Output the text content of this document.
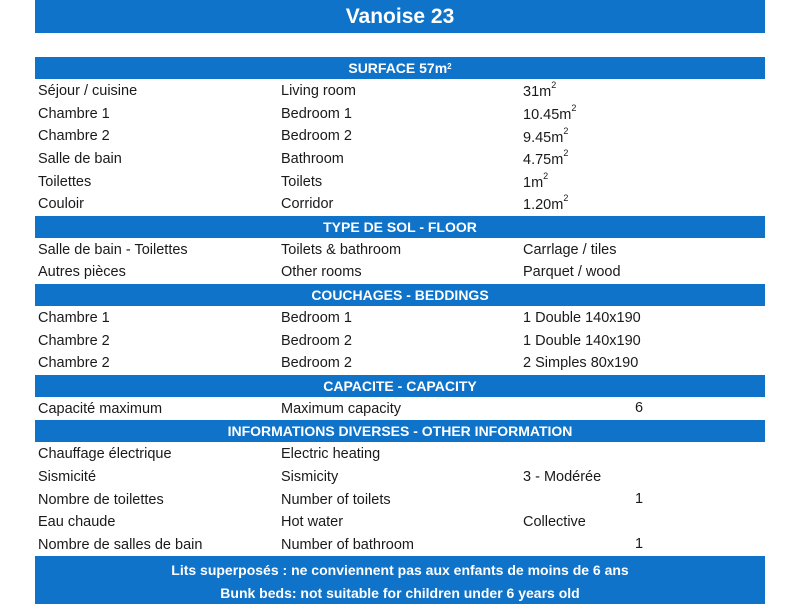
Vanoise 23
SURFACE $57m^2$
Séjour / cuisine	Living room	$31m^2$
Chambre 1	Bedroom 1	$10.45m^2$
Chambre 2	Bedroom 2	$9.45m^2$
Salle de bain	Bathroom	$4.75m^2$
Toilettes	Toilets	$1m^2$
Couloir	Corridor	$1.20m^2$
TYPE DE SOL - FLOOR
Salle de bain - Toilettes	Toilets & bathroom	Carrlage / tiles
Autres pièces	Other rooms	Parquet / wood
COUCHAGES - BEDDINGS
Chambre 1	Bedroom 1	1 Double 140x190
Chambre 2	Bedroom 2	1 Double 140x190
Chambre 2	Bedroom 2	2 Simples 80x190
CAPACITE - CAPACITY
Capacité maximum	Maximum capacity	6
INFORMATIONS DIVERSES - OTHER INFORMATION
Chauffage électrique	Electric heating
Sismicité	Sismicity	3 - Modérée
Nombre de toilettes	Number of toilets	1
Eau chaude	Hot water	Collective
Nombre de salles de bain	Number of bathroom	1
Lits superposés : ne conviennent pas aux enfants de moins de 6 ans
Bunk beds: not suitable for children under 6 years old
